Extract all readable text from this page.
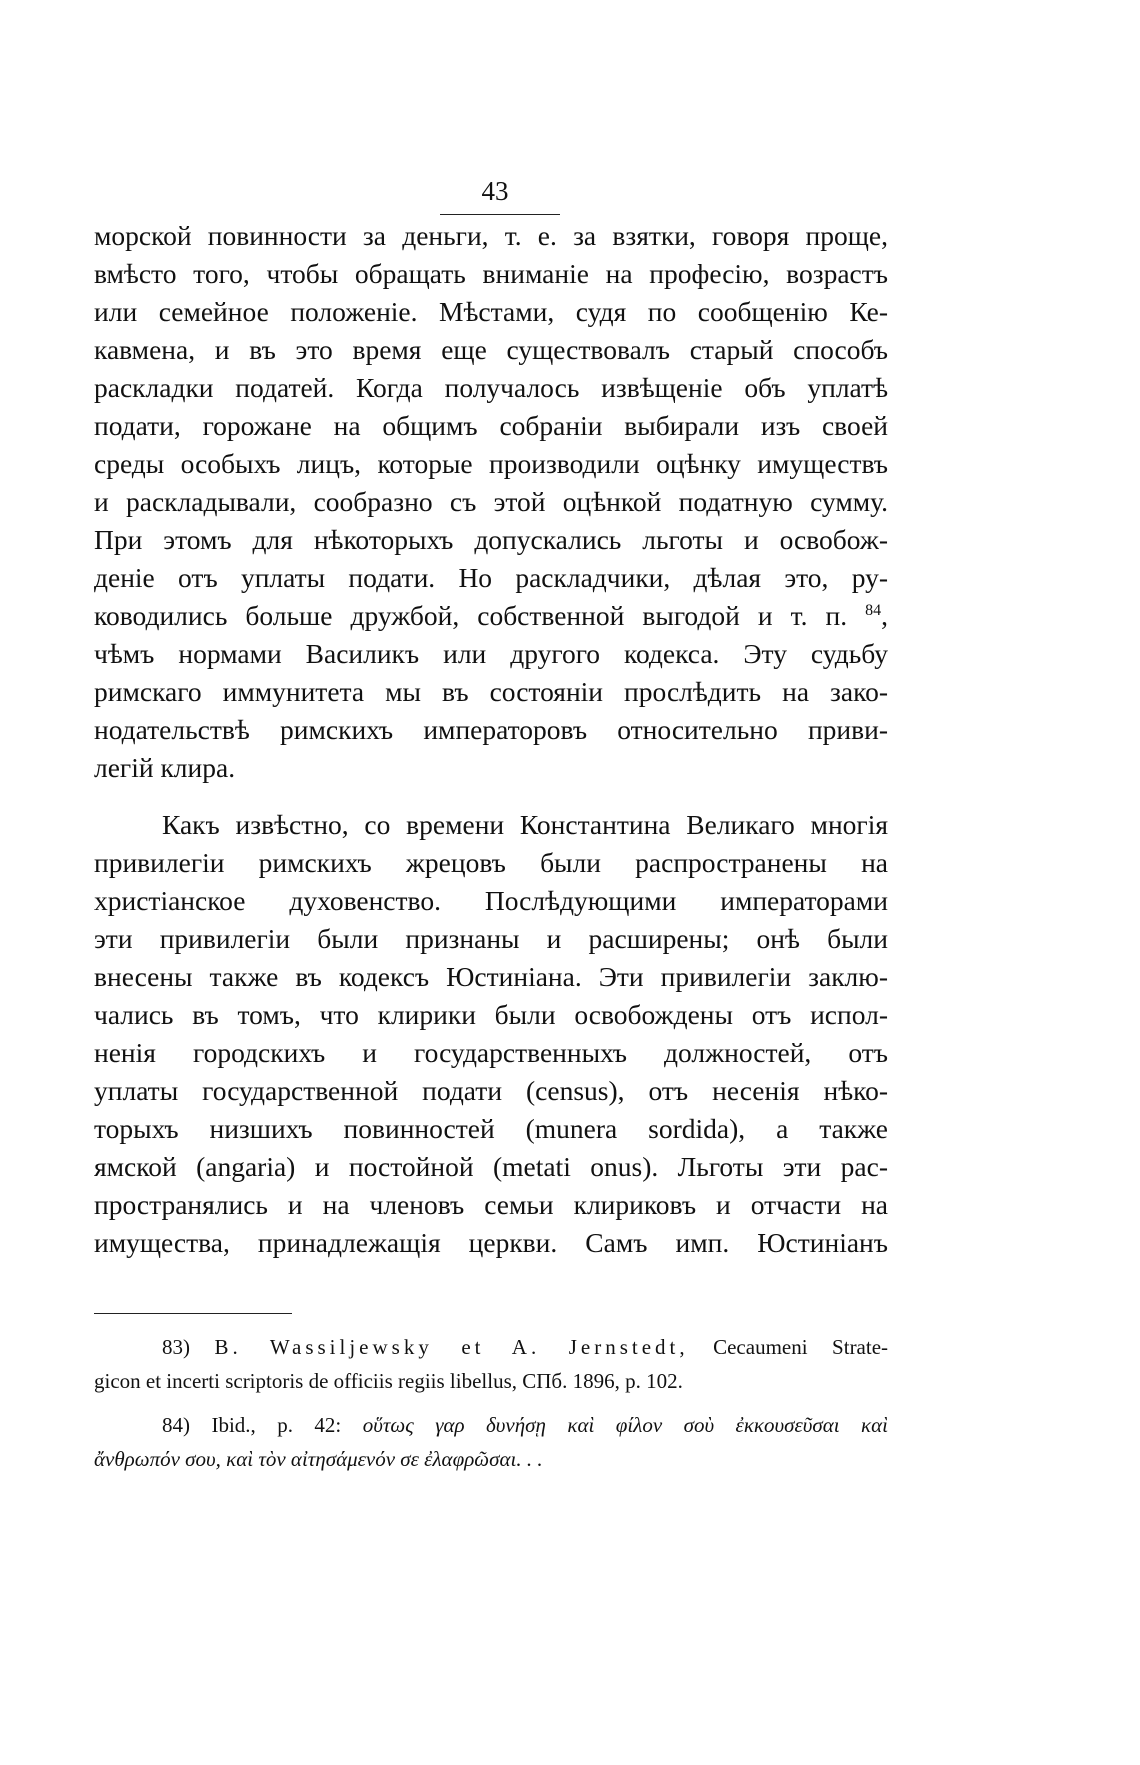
43
морской повинности за деньги, т. е. за взятки, говоря проще,
вмѣсто того, чтобы обращать вниманіе на професію, возрастъ
или семейное положеніе. Мѣстами, судя по сообщенію Ке-
кавмена, и въ это время еще существовалъ старый способъ
раскладки податей. Когда получалось извѣщеніе объ уплатѣ
подати, горожане на общимъ собраніи выбирали изъ своей
среды особыхъ лицъ, которые производили оцѣнку имуществъ
и раскладывали, сообразно съ этой оцѣнкой податную сумму.
При этомъ для нѣкоторыхъ допускались льготы и освобож-
деніе отъ уплаты подати. Но раскладчики, дѣлая это, ру-
ководились больше дружбой, собственной выгодой и т. п. $^{84}$,
чѣмъ нормами Василикъ или другого кодекса. Эту судьбу
римскаго иммунитета мы въ состояніи прослѣдить на зако-
нодательствѣ римскихъ императоровъ относительно приви-
легій клира.
Какъ извѣстно, со времени Константина Великаго многія
привилегіи римскихъ жрецовъ были распространены на
христіанское духовенство. Послѣдующими императорами
эти привилегіи были признаны и расширены; онѣ были
внесены также въ кодексъ Юстиніана. Эти привилегіи заклю-
чались въ томъ, что клирики были освобождены отъ испол-
ненія городскихъ и государственныхъ должностей, отъ
уплаты государственной подати (census), отъ несенія нѣко-
торыхъ низшихъ повинностей (munera sordida), а также
ямской (angaria) и постойной (metati onus). Льготы эти рас-
пространялись и на членовъ семьи клириковъ и отчасти на
имущества, принадлежащія церкви. Самъ имп. Юстиніанъ
83) B. Wassiljewsky et A. Jernstedt, Cecaumeni Strate-
gicon et incerti scriptoris de officiis regiis libellus, СПб. 1896, p. 102.
84) Ibid., p. 42: οὕτως γαρ δυνήσῃ καὶ φίλον σοὺ ἐκκουσεῦσαι καὶ
ἄνθρωπόν σου, καὶ τὸν αἰτησάμενόν σε ἐλαφρῶσαι. . .
